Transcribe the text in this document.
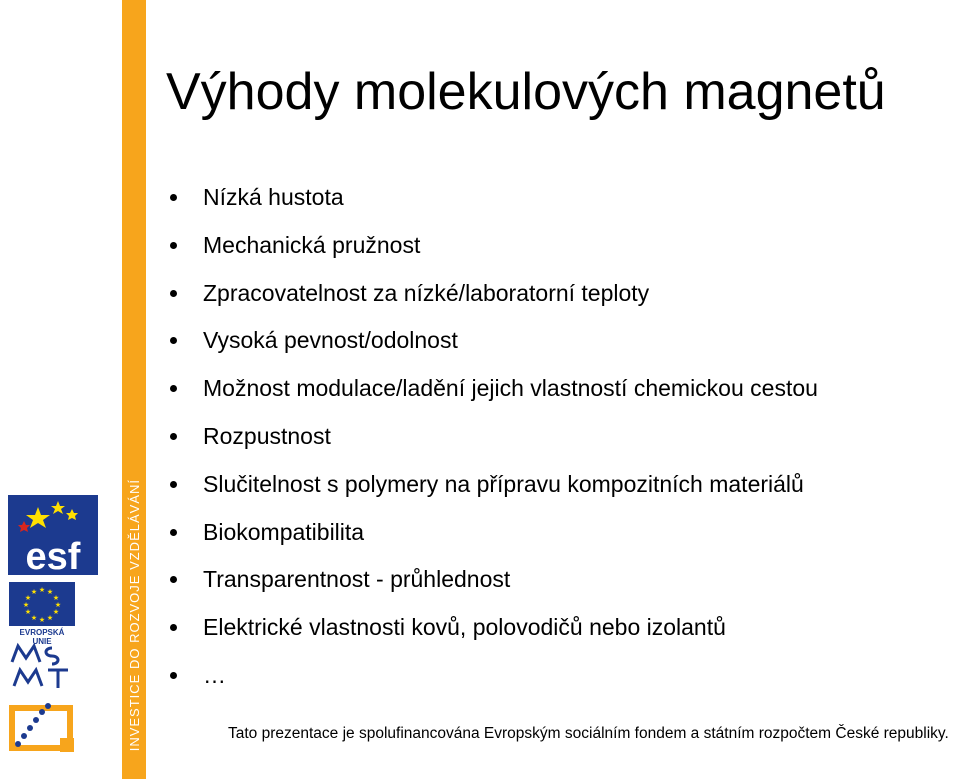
INVESTICE DO ROZVOJE VZDĚLÁVÁNÍ
Výhody molekulových magnetů
Nízká hustota
Mechanická pružnost
Zpracovatelnost za nízké/laboratorní teploty
Vysoká pevnost/odolnost
Možnost modulace/ladění jejich vlastností chemickou cestou
Rozpustnost
Slučitelnost s polymery na přípravu kompozitních materiálů
Biokompatibilita
Transparentnost - průhlednost
Elektrické vlastnosti kovů, polovodičů nebo izolantů
…
esf
★ ★
★
★
★
★
★
★
★
★
★
★
EVROPSKÁ UNIE
Tato prezentace je spolufinancována Evropským sociálním fondem a státním rozpočtem České republiky.
